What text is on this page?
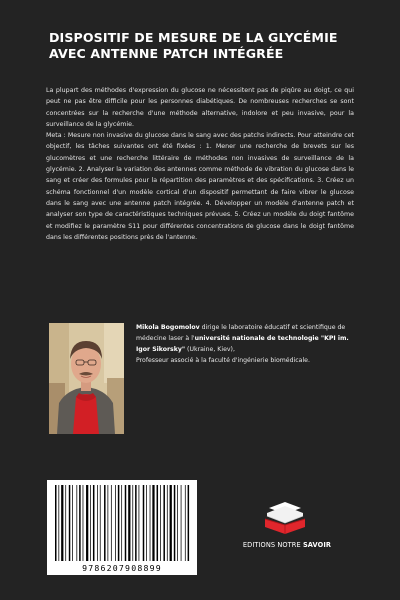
DISPOSITIF DE MESURE DE LA GLYCÉMIE
AVEC ANTENNE PATCH INTÉGRÉE

La plupart des méthodes d'expression du glucose ne nécessitent pas de piqûre au doigt, ce qui peut ne pas être difficile pour les personnes diabétiques. De nombreuses recherches se sont concentrées sur la recherche d'une méthode alternative, indolore et peu invasive, pour la surveillance de la glycémie.

Meta : Mesure non invasive du glucose dans le sang avec des patchs indirects. Pour atteindre cet objectif, les tâches suivantes ont été fixées : 1. Mener une recherche de brevets sur les glucomètres et une recherche littéraire de méthodes non invasives de surveillance de la glycémie. 2. Analyser la variation des antennes comme méthode de vibration du glucose dans le sang et créer des formules pour la répartition des paramètres et des spécifications. 3. Créez un schéma fonctionnel d'un modèle cortical d'un dispositif permettant de faire vibrer le glucose dans le sang avec une antenne patch intégrée. 4. Développer un modèle d'antenne patch et analyser son type de caractéristiques techniques prévues. 5. Créez un modèle du doigt fantôme et modifiez le paramètre S11 pour différentes concentrations de glucose dans le doigt fantôme dans les différentes positions près de l'antenne.

Mikola Bogomolov dirige le laboratoire éducatif et scientifique de médecine laser à l'université nationale de technologie "KPI im. Igor Sikorsky" (Ukraine, Kiev),
Professeur associé à la faculté d'ingénierie biomédicale.
9786207908899
EDITIONS NOTRE SAVOIR
